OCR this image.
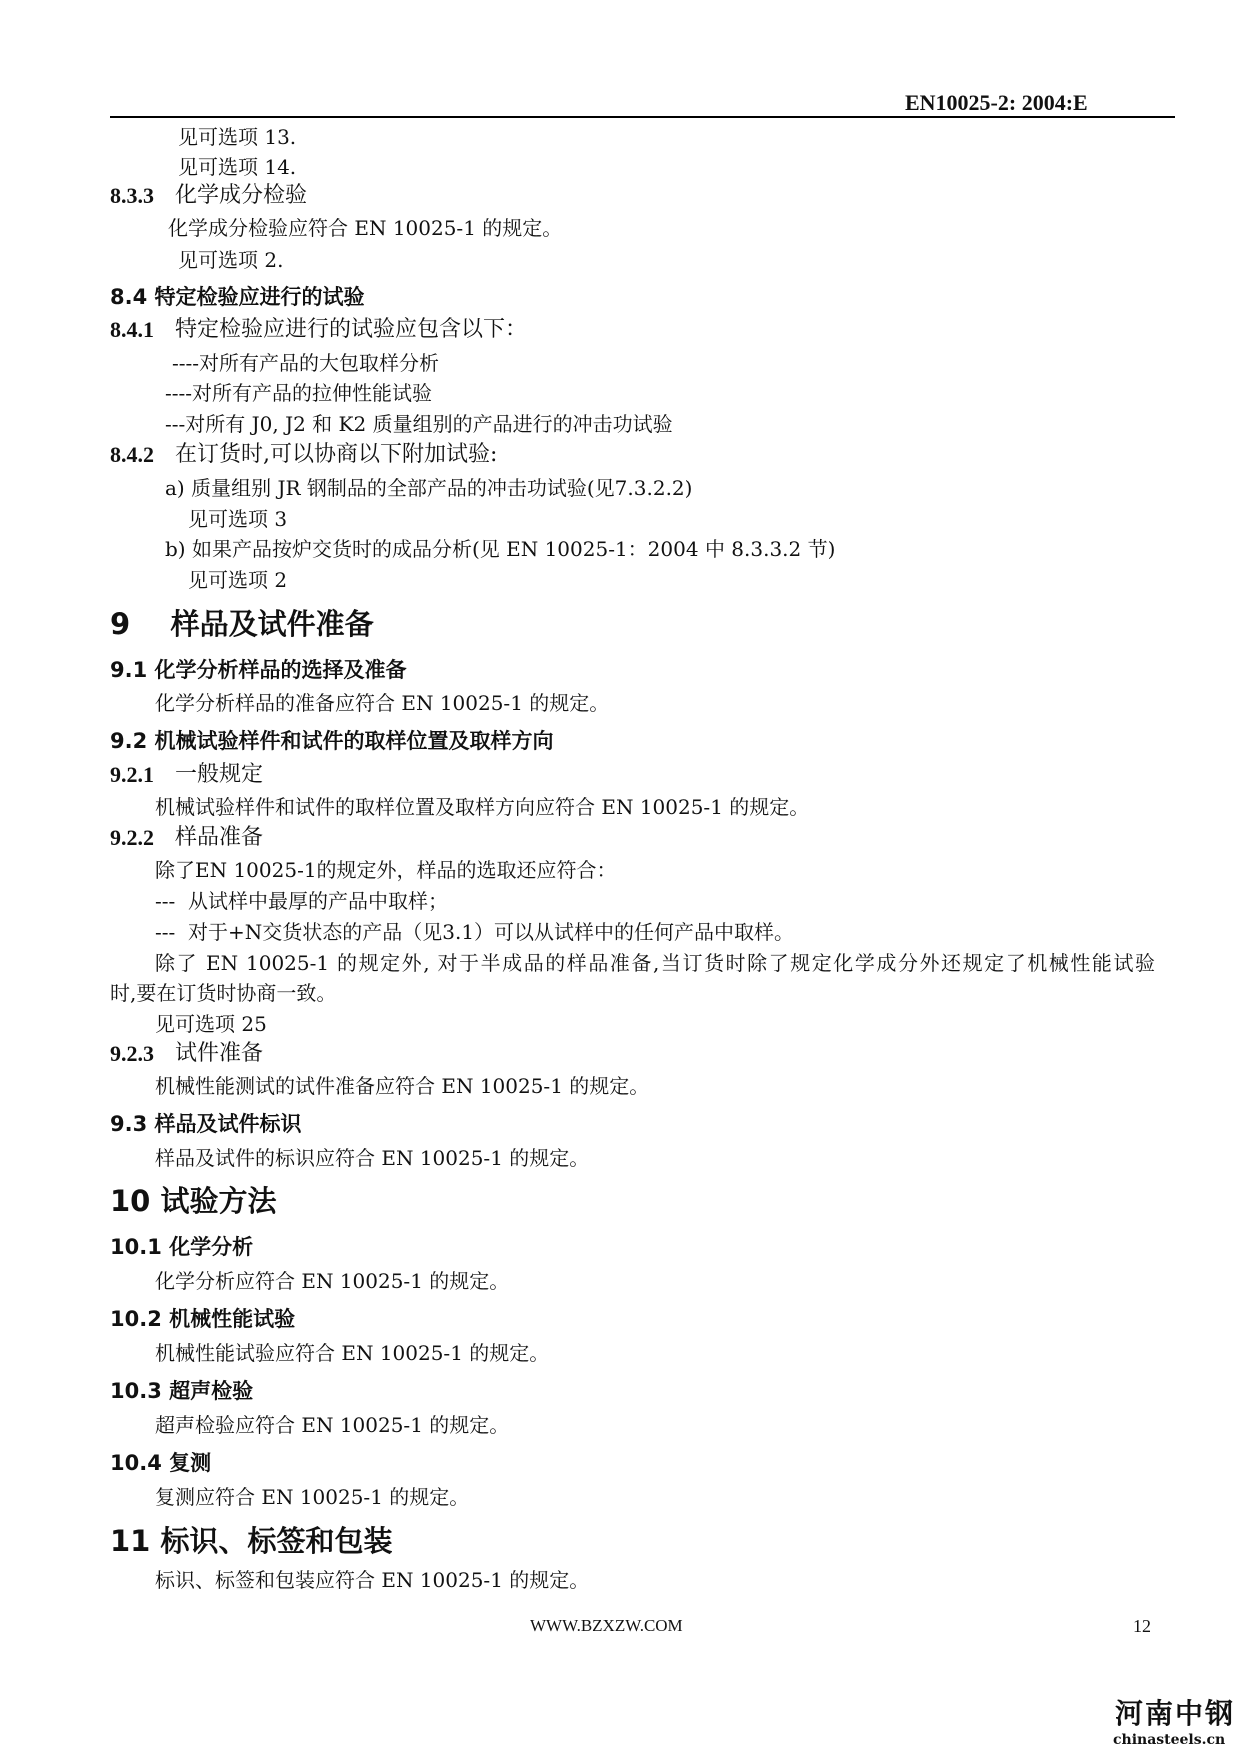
EN10025-2: 2004:E
见可选项 13.
见可选项 14.
8.3.3 化学成分检验
化学成分检验应符合 EN 10025-1 的规定。
见可选项 2.
8.4 特定检验应进行的试验
8.4.1 特定检验应进行的试验应包含以下：
----对所有产品的大包取样分析
----对所有产品的拉伸性能试验
---对所有 J0, J2 和 K2 质量组别的产品进行的冲击功试验
8.4.2 在订货时,可以协商以下附加试验:
a) 质量组别 JR 钢制品的全部产品的冲击功试验(见7.3.2.2)
见可选项 3
b) 如果产品按炉交货时的成品分析(见 EN 10025-1：2004 中 8.3.3.2 节)
见可选项 2
9    样品及试件准备
9.1 化学分析样品的选择及准备
化学分析样品的准备应符合 EN 10025-1 的规定。
9.2 机械试验样件和试件的取样位置及取样方向
9.2.1 一般规定
机械试验样件和试件的取样位置及取样方向应符合 EN 10025-1 的规定。
9.2.2 样品准备
除了EN 10025-1的规定外，样品的选取还应符合：
---  从试样中最厚的产品中取样；
---  对于+N交货状态的产品（见3.1）可以从试样中的任何产品中取样。
除了 EN 10025-1 的规定外, 对于半成品的样品准备,当订货时除了规定化学成分外还规定了机械性能试验
时,要在订货时协商一致。
见可选项 25
9.2.3 试件准备
机械性能测试的试件准备应符合 EN 10025-1 的规定。
9.3 样品及试件标识
样品及试件的标识应符合 EN 10025-1 的规定。
10 试验方法
10.1 化学分析
化学分析应符合 EN 10025-1 的规定。
10.2 机械性能试验
机械性能试验应符合 EN 10025-1 的规定。
10.3 超声检验
超声检验应符合 EN 10025-1 的规定。
10.4 复测
复测应符合 EN 10025-1 的规定。
11 标识、标签和包装
标识、标签和包装应符合 EN 10025-1 的规定。
WWW.BZXZW.COM	12
河南中钢
chinasteels.cn
